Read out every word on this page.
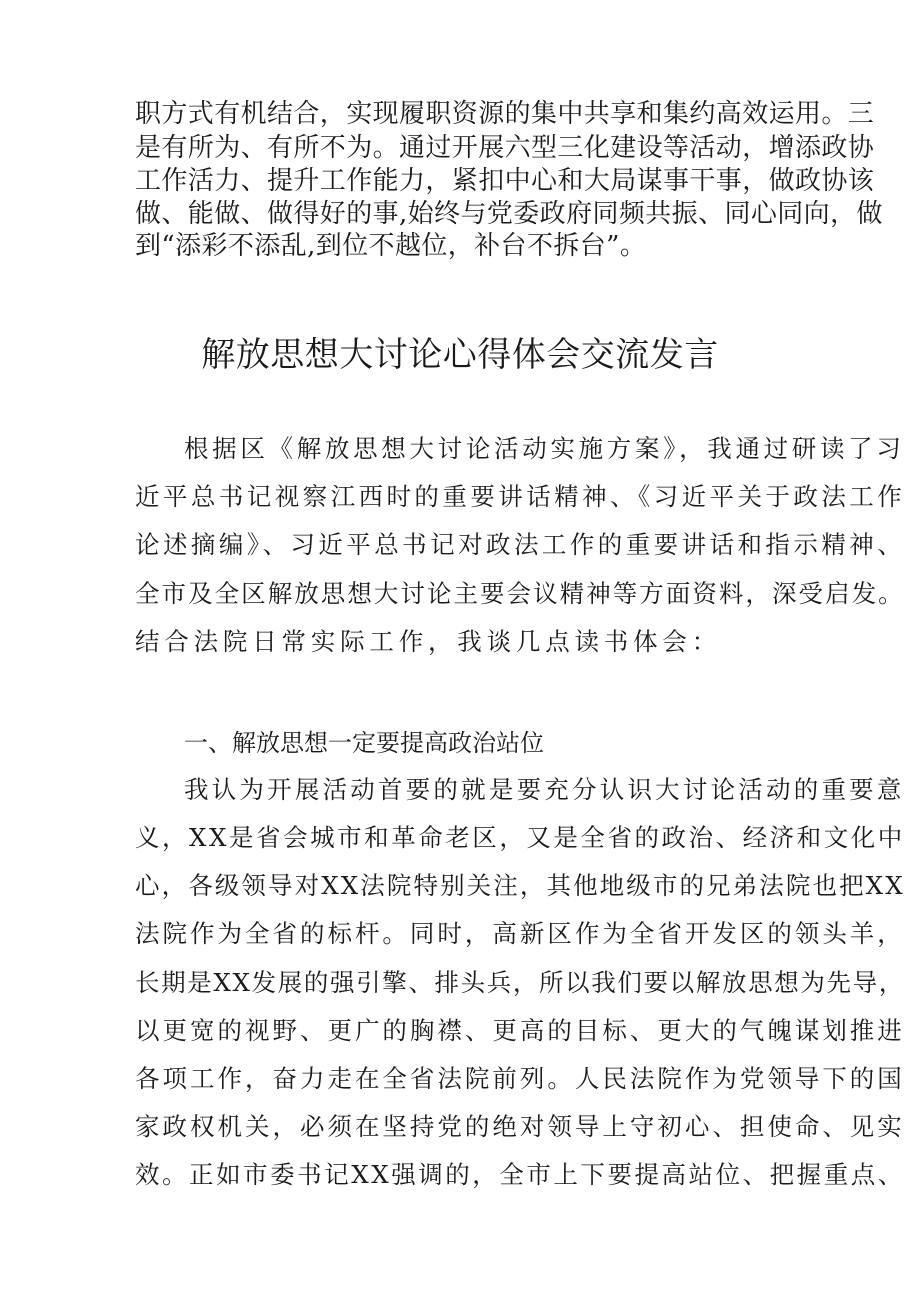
职方式有机结合，实现履职资源的集中共享和集约高效运用。三
是有所为、有所不为。通过开展六型三化建设等活动，增添政协
工作活力、提升工作能力，紧扣中心和大局谋事干事，做政协该
做、能做、做得好的事,始终与党委政府同频共振、同心同向，做
到“添彩不添乱,到位不越位，补台不拆台”。
解放思想大讨论心得体会交流发言
根据区《解放思想大讨论活动实施方案》，我通过研读了习
近平总书记视察江西时的重要讲话精神、《习近平关于政法工作
论述摘编》、习近平总书记对政法工作的重要讲话和指示精神、
全市及全区解放思想大讨论主要会议精神等方面资料，深受启发。
结合法院日常实际工作，我谈几点读书体会：
一、解放思想一定要提高政治站位
我认为开展活动首要的就是要充分认识大讨论活动的重要意
义，XX是省会城市和革命老区，又是全省的政治、经济和文化中
心，各级领导对XX法院特别关注，其他地级市的兄弟法院也把XX
法院作为全省的标杆。同时，高新区作为全省开发区的领头羊，
长期是XX发展的强引擎、排头兵，所以我们要以解放思想为先导，
以更宽的视野、更广的胸襟、更高的目标、更大的气魄谋划推进
各项工作，奋力走在全省法院前列。人民法院作为党领导下的国
家政权机关，必须在坚持党的绝对领导上守初心、担使命、见实
效。正如市委书记XX强调的，全市上下要提高站位、把握重点、
